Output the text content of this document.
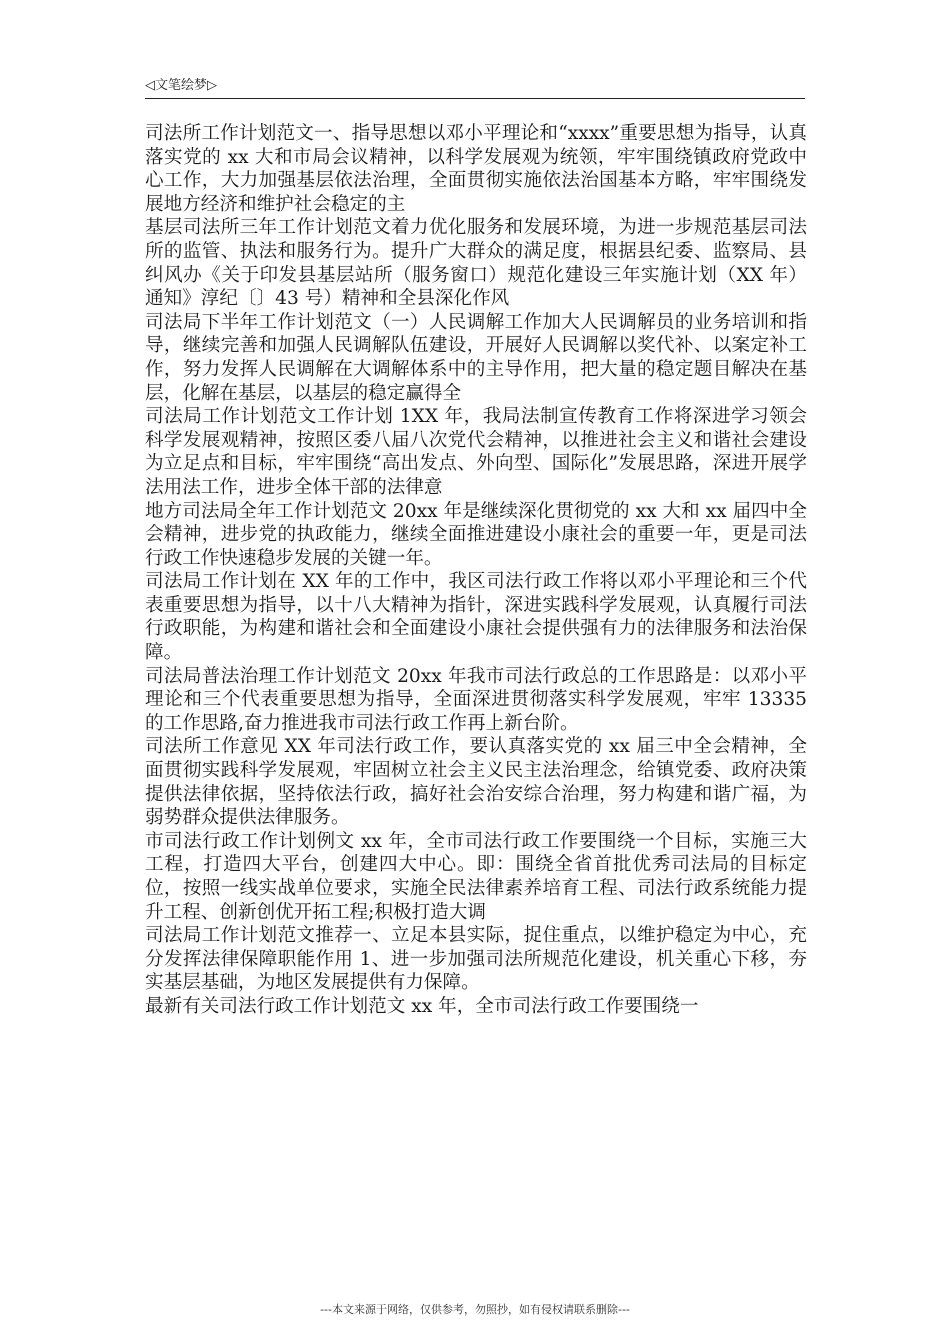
◁文笔绘梦▷

司法所工作计划范文一、指导思想以邓小平理论和“xxxx”重要思想为指导，认真落实党的 xx 大和市局会议精神，以科学发展观为统领，牢牢围绕镇政府党政中心工作，大力加强基层依法治理，全面贯彻实施依法治国基本方略，牢牢围绕发展地方经济和维护社会稳定的主

基层司法所三年工作计划范文着力优化服务和发展环境，为进一步规范基层司法所的监管、执法和服务行为。提升广大群众的满足度，根据县纪委、监察局、县纠风办《关于印发县基层站所（服务窗口）规范化建设三年实施计划（XX 年）通知》淳纪〔〕43 号）精神和全县深化作风

司法局下半年工作计划范文（一）人民调解工作加大人民调解员的业务培训和指导，继续完善和加强人民调解队伍建设，开展好人民调解以奖代补、以案定补工作，努力发挥人民调解在大调解体系中的主导作用，把大量的稳定题目解决在基层，化解在基层，以基层的稳定赢得全

司法局工作计划范文工作计划 1XX 年，我局法制宣传教育工作将深进学习领会科学发展观精神，按照区委八届八次党代会精神，以推进社会主义和谐社会建设为立足点和目标，牢牢围绕“高出发点、外向型、国际化”发展思路，深进开展学法用法工作，进步全体干部的法律意

地方司法局全年工作计划范文 20xx 年是继续深化贯彻党的 xx 大和 xx 届四中全会精神，进步党的执政能力，继续全面推进建设小康社会的重要一年，更是司法行政工作快速稳步发展的关键一年。

司法局工作计划在 XX 年的工作中，我区司法行政工作将以邓小平理论和三个代表重要思想为指导，以十八大精神为指针，深进实践科学发展观，认真履行司法行政职能，为构建和谐社会和全面建设小康社会提供强有力的法律服务和法治保障。

司法局普法治理工作计划范文 20xx 年我市司法行政总的工作思路是：以邓小平理论和三个代表重要思想为指导，全面深进贯彻落实科学发展观，牢牢 13335 的工作思路,奋力推进我市司法行政工作再上新台阶。

司法所工作意见 XX 年司法行政工作，要认真落实党的 xx 届三中全会精神，全面贯彻实践科学发展观，牢固树立社会主义民主法治理念，给镇党委、政府决策提供法律依据，坚持依法行政，搞好社会治安综合治理，努力构建和谐广福，为弱势群众提供法律服务。

市司法行政工作计划例文 xx 年，全市司法行政工作要围绕一个目标，实施三大工程，打造四大平台，创建四大中心。即：围绕全省首批优秀司法局的目标定位，按照一线实战单位要求，实施全民法律素养培育工程、司法行政系统能力提升工程、创新创优开拓工程;积极打造大调

司法局工作计划范文推荐一、立足本县实际，捉住重点，以维护稳定为中心，充分发挥法律保障职能作用 1、进一步加强司法所规范化建设，机关重心下移，夯实基层基础，为地区发展提供有力保障。

最新有关司法行政工作计划范文 xx 年，全市司法行政工作要围绕一

---本文来源于网络，仅供参考，勿照抄，如有侵权请联系删除---
